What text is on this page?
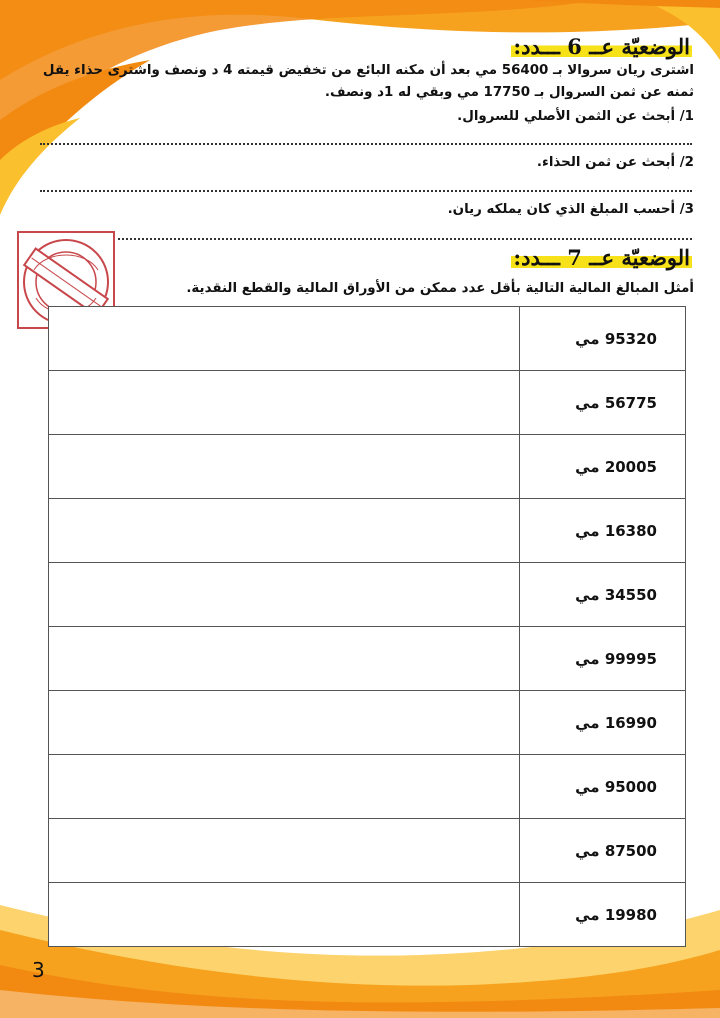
الوضعيّة عــ 6 ـــدد:
اشترى ريان سروالا بـ 56400 مي بعد أن مكنه البائع من تخفيض قيمته 4 د ونصف واشترى حذاء يقل
ثمنه عن ثمن السروال بـ 17750 مي وبقي له 1د ونصف.
1/ أبحث عن الثمن الأصلي للسروال.
2/ أبحث عن ثمن الحذاء.
3/ أحسب المبلغ الذي كان يملكه ريان.
الوضعيّة عــ 7 ـــدد:
أمثل المبالغ المالية التالية بأقل عدد ممكن من الأوراق المالية والقطع النقدية.
95320 مي	
56775 مي	
20005 مي	
16380 مي	
34550 مي	
99995 مي	
16990 مي	
95000 مي	
87500 مي	
19980 مي	
3
